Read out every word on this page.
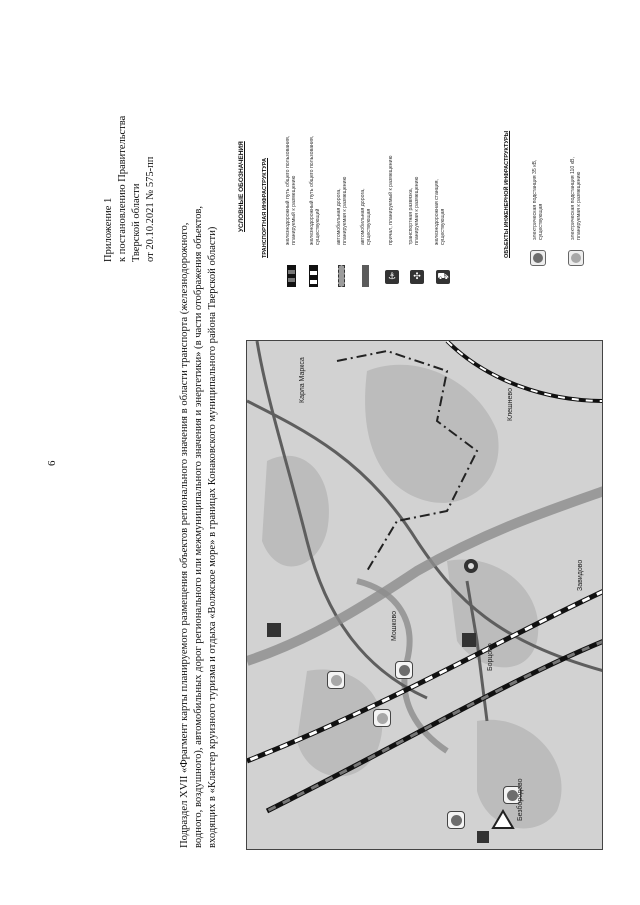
6
Приложение 1 к постановлению Правительства Тверской области от 20.10.2021 № 575-пп
Подраздел XVII «Фрагмент карты планируемого размещения объектов регионального значения в области транспорта (железнодорожного, водного, воздушного), автомобильных дорог регионального или межмуниципального значения и энергетики» (в части отображения объектов, входящих в «Кластер круизного туризма и отдыха «Волжское море» в границах Конаковского муниципального района Тверской области)
УСЛОВНЫЕ ОБОЗНАЧЕНИЯ	ТРАНСПОРТНАЯ ИНФРАСТРУКТУРА
⚓	✣	⛟
железнодорожный путь общего пользования, планируемый к размещению железнодорожный путь общего пользования, существующий	автомобильная дорога, планируемая к размещению автомобильная дорога, существующая	причал, планируемый к размещению	транспортная развязка, планируемая к размещению	железнодорожная станция, существующая	ОБЪЕКТЫ ИНЖЕНЕРНОЙ ИНФРАСТРУКТУРЫ	электрическая подстанция 35 кВ, существующая	электрическая подстанция 110 кВ, планируемая к размещению
Карла Маркса
Мошково
Борцово
Завидово
Клешнево
Безбородово
